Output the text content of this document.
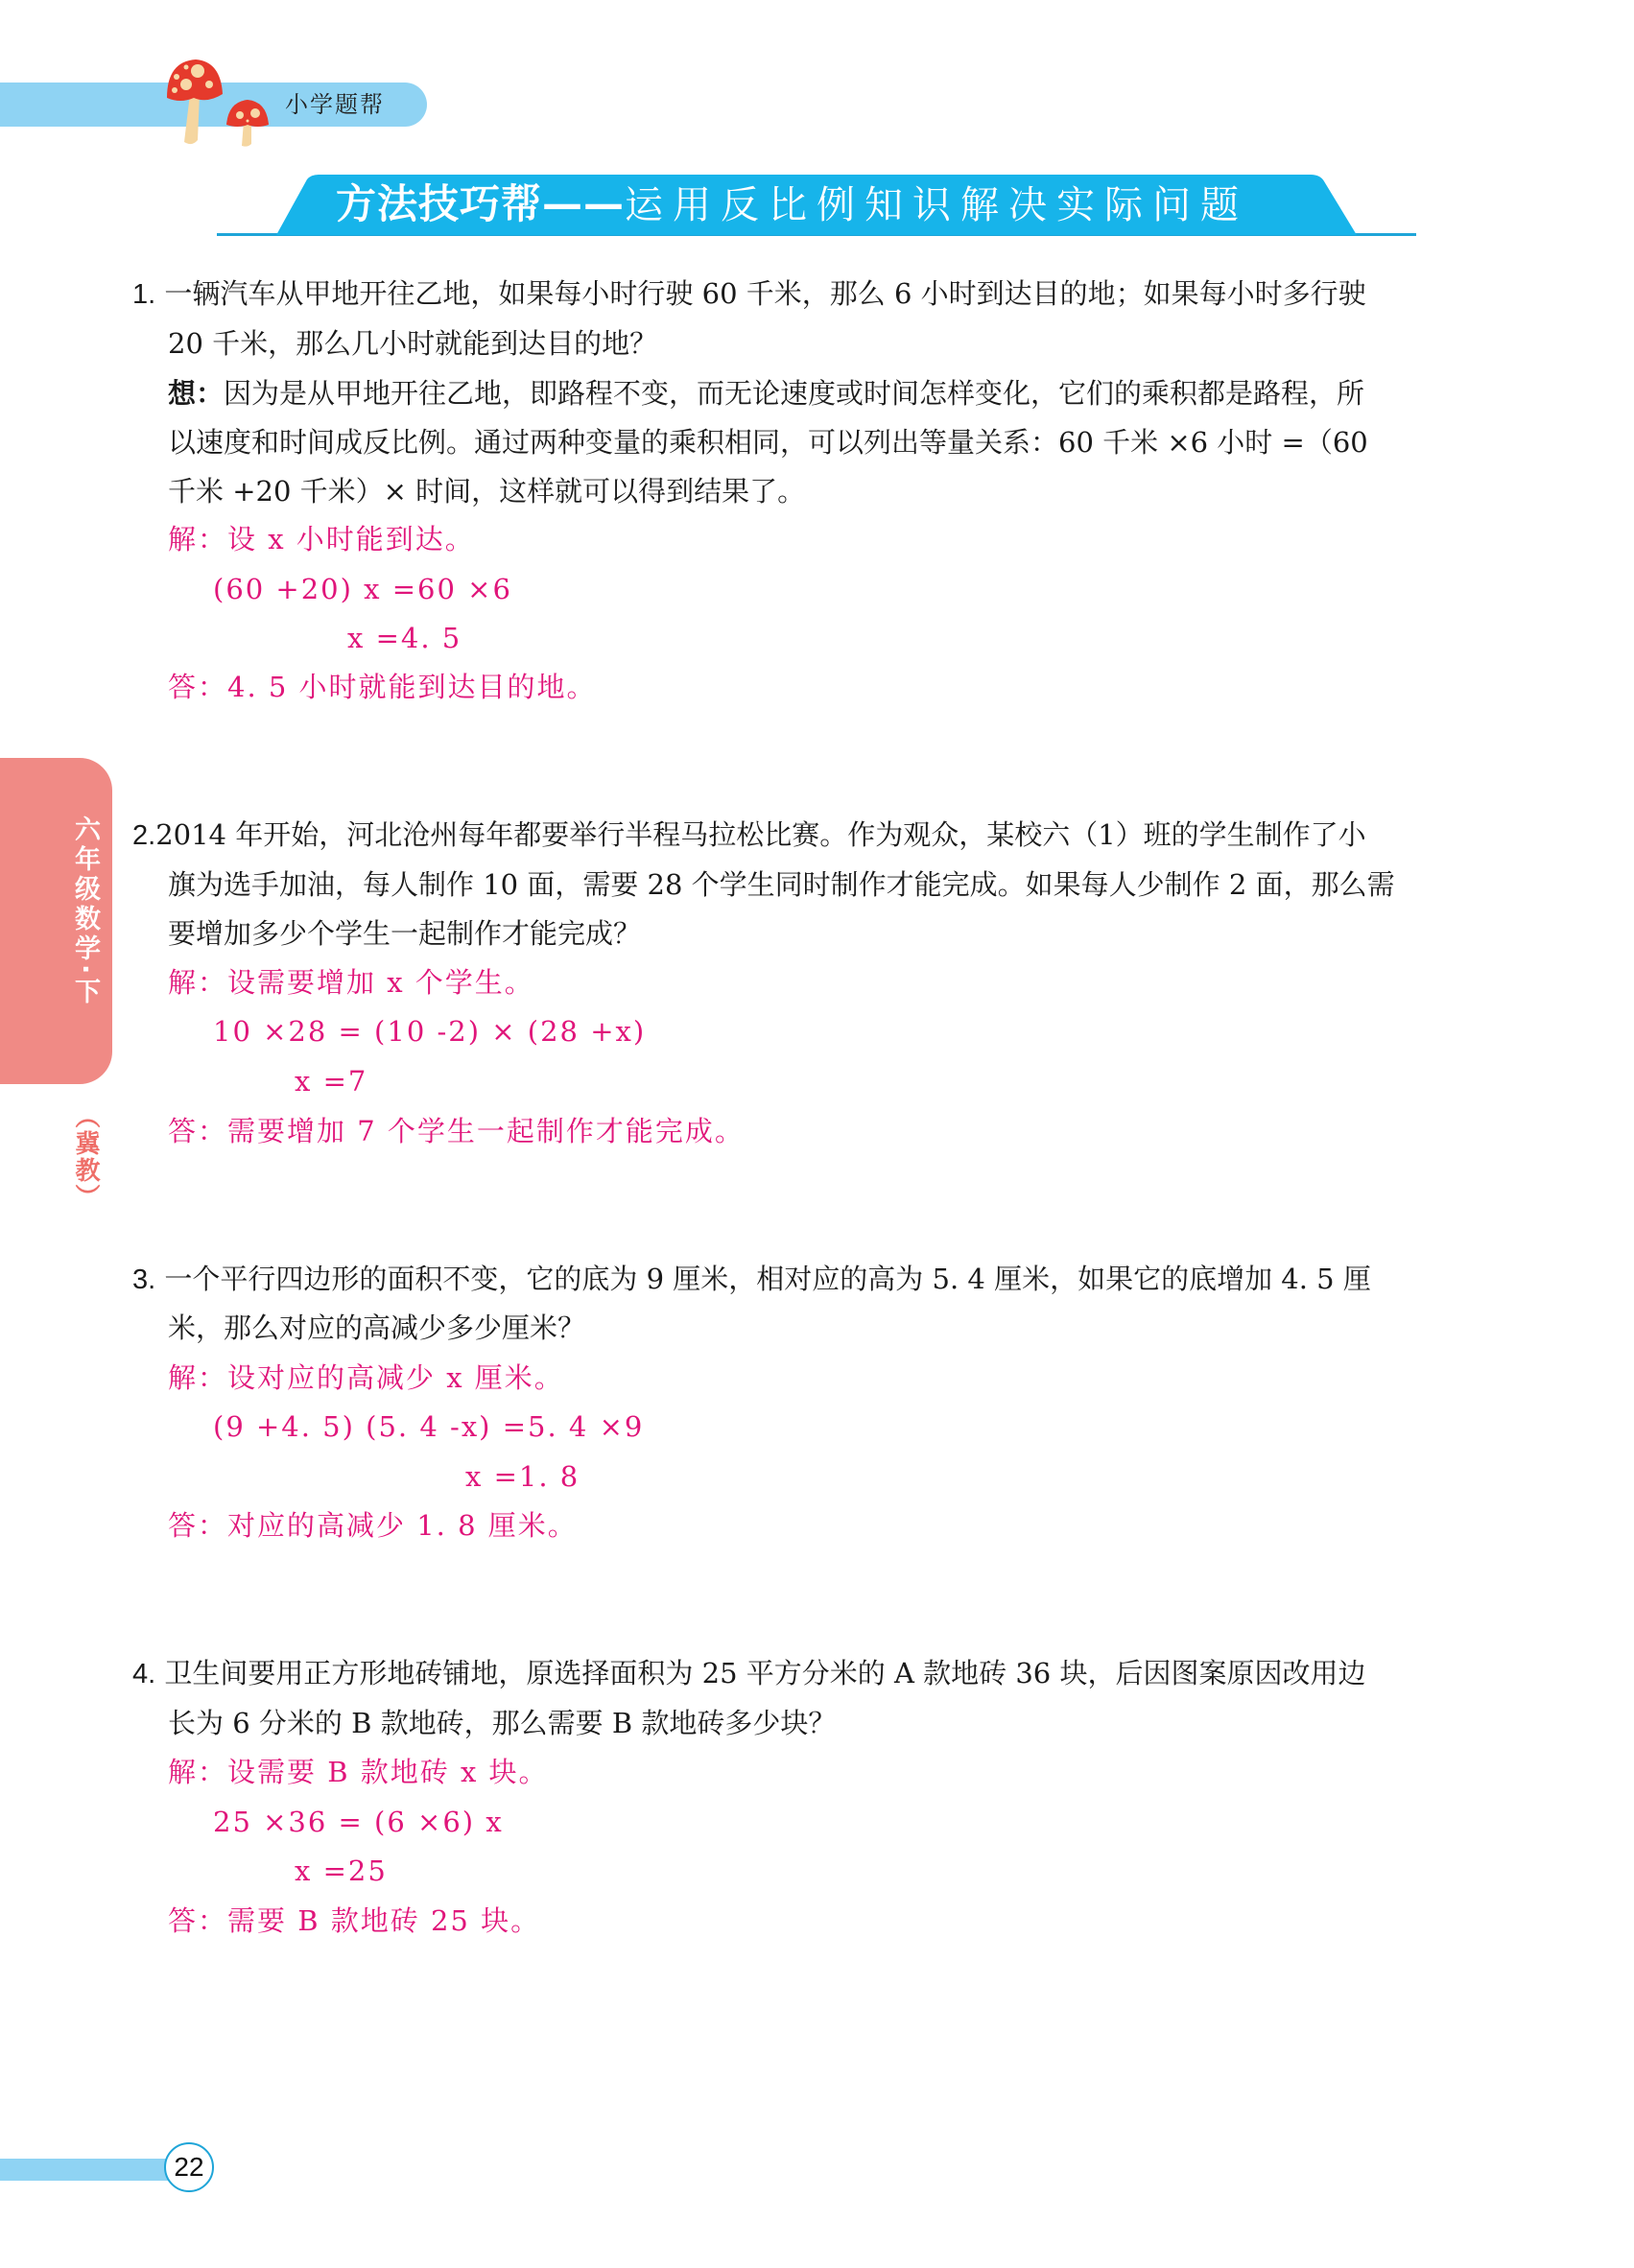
小学题帮
方法技巧帮——运用反比例知识解决实际问题
六年级数学·下
（冀教）
1. 一辆汽车从甲地开往乙地，如果每小时行驶 60 千米，那么 6 小时到达目的地；如果每小时多行驶
20 千米，那么几小时就能到达目的地？
想：因为是从甲地开往乙地，即路程不变，而无论速度或时间怎样变化，它们的乘积都是路程，所
以速度和时间成反比例。通过两种变量的乘积相同，可以列出等量关系：60 千米 ×6 小时 =（60
千米 +20 千米）× 时间，这样就可以得到结果了。
解：设 x 小时能到达。
(60 +20) x =60 ×6
x =4. 5
答：4. 5 小时就能到达目的地。
2.2014 年开始，河北沧州每年都要举行半程马拉松比赛。作为观众，某校六（1）班的学生制作了小
旗为选手加油，每人制作 10 面，需要 28 个学生同时制作才能完成。如果每人少制作 2 面，那么需
要增加多少个学生一起制作才能完成？
解：设需要增加 x 个学生。
10 ×28 = (10 -2) × (28 +x)
x =7
答：需要增加 7 个学生一起制作才能完成。
3. 一个平行四边形的面积不变，它的底为 9 厘米，相对应的高为 5. 4 厘米，如果它的底增加 4. 5 厘
米，那么对应的高减少多少厘米？
解：设对应的高减少 x 厘米。
(9 +4. 5) (5. 4 -x) =5. 4 ×9
x =1. 8
答：对应的高减少 1. 8 厘米。
4. 卫生间要用正方形地砖铺地，原选择面积为 25 平方分米的 A 款地砖 36 块，后因图案原因改用边
长为 6 分米的 B 款地砖，那么需要 B 款地砖多少块？
解：设需要 B 款地砖 x 块。
25 ×36 = (6 ×6) x
x =25
答：需要 B 款地砖 25 块。
22
